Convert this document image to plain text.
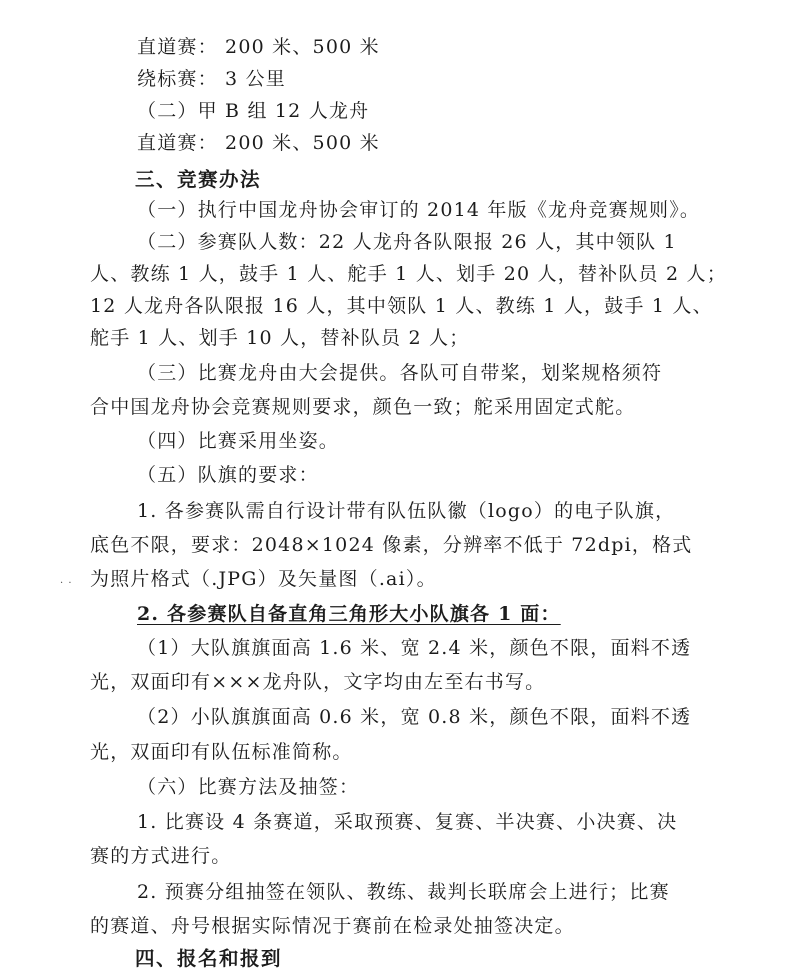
直道赛： 200 米、500 米
绕标赛： 3 公里
（二）甲 B 组 12 人龙舟
直道赛： 200 米、500 米
三、竞赛办法
（一）执行中国龙舟协会审订的 2014 年版《龙舟竞赛规则》。
（二）参赛队人数：22 人龙舟各队限报 26 人，其中领队 1
人、教练 1 人，鼓手 1 人、舵手 1 人、划手 20 人，替补队员 2 人；
12 人龙舟各队限报 16 人，其中领队 1 人、教练 1 人，鼓手 1 人、
舵手 1 人、划手 10 人，替补队员 2 人；
（三）比赛龙舟由大会提供。各队可自带桨，划桨规格须符
合中国龙舟协会竞赛规则要求，颜色一致；舵采用固定式舵。
（四）比赛采用坐姿。
（五）队旗的要求：
1. 各参赛队需自行设计带有队伍队徽（logo）的电子队旗，
底色不限，要求：2048×1024 像素，分辨率不低于 72dpi，格式
为照片格式（.JPG）及矢量图（.ai）。
· ·
2. 各参赛队自备直角三角形大小队旗各 1 面：
（1）大队旗旗面高 1.6 米、宽 2.4 米，颜色不限，面料不透
光，双面印有×××龙舟队，文字均由左至右书写。
（2）小队旗旗面高 0.6 米，宽 0.8 米，颜色不限，面料不透
光，双面印有队伍标准简称。
（六）比赛方法及抽签：
1. 比赛设 4 条赛道，采取预赛、复赛、半决赛、小决赛、决
赛的方式进行。
2. 预赛分组抽签在领队、教练、裁判长联席会上进行；比赛
的赛道、舟号根据实际情况于赛前在检录处抽签决定。
四、报名和报到
